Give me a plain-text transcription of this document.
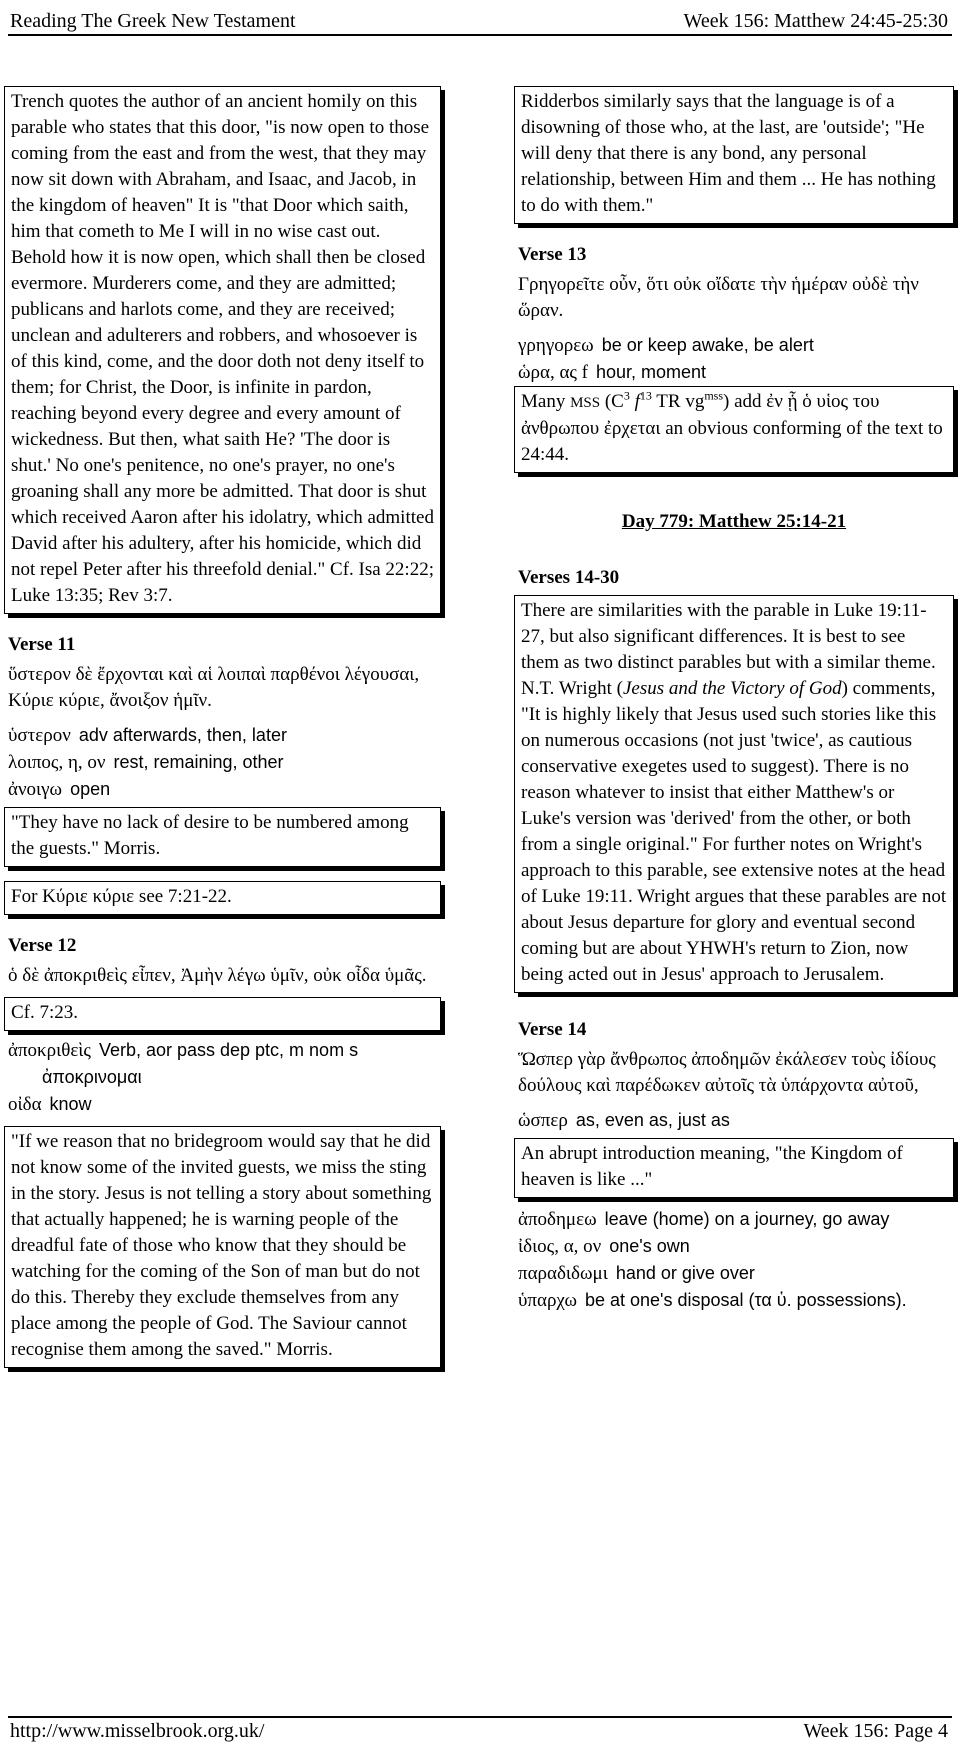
Reading The Greek New Testament	Week 156: Matthew 24:45-25:30
Trench quotes the author of an ancient homily on this parable who states that this door, "is now open to those coming from the east and from the west, that they may now sit down with Abraham, and Isaac, and Jacob, in the kingdom of heaven" It is "that Door which saith, him that cometh to Me I will in no wise cast out. Behold how it is now open, which shall then be closed evermore. Murderers come, and they are admitted; publicans and harlots come, and they are received; unclean and adulterers and robbers, and whosoever is of this kind, come, and the door doth not deny itself to them; for Christ, the Door, is infinite in pardon, reaching beyond every degree and every amount of wickedness. But then, what saith He? 'The door is shut.' No one's penitence, no one's prayer, no one's groaning shall any more be admitted. That door is shut which received Aaron after his idolatry, which admitted David after his adultery, after his homicide, which did not repel Peter after his threefold denial." Cf. Isa 22:22; Luke 13:35; Rev 3:7.
Verse 11
ὕστερον δὲ ἔρχονται καὶ αἱ λοιπαὶ παρθένοι λέγουσαι, Κύριε κύριε, ἄνοιξον ἡμῖν.
ὑστερον adv afterwards, then, later
λοιπος, η, ον rest, remaining, other
ἀνοιγω open
"They have no lack of desire to be numbered among the guests." Morris.
For Κύριε κύριε see 7:21-22.
Verse 12
ὁ δὲ ἀποκριθεὶς εἶπεν, Ἀμὴν λέγω ὑμῖν, οὐκ οἶδα ὑμᾶς.
Cf. 7:23.
ἀποκριθεὶς Verb, aor pass dep ptc, m nom s ἀποκρινομαι
οἰδα know
"If we reason that no bridegroom would say that he did not know some of the invited guests, we miss the sting in the story. Jesus is not telling a story about something that actually happened; he is warning people of the dreadful fate of those who know that they should be watching for the coming of the Son of man but do not do this. Thereby they exclude themselves from any place among the people of God. The Saviour cannot recognise them among the saved." Morris.
Ridderbos similarly says that the language is of a disowning of those who, at the last, are 'outside'; "He will deny that there is any bond, any personal relationship, between Him and them ... He has nothing to do with them."
Verse 13
Γρηγορεῖτε οὖν, ὅτι οὐκ οἴδατε τὴν ἡμέραν οὐδὲ τὴν ὥραν.
γρηγορεω be or keep awake, be alert
ὡρα, ας f hour, moment
Many MSS ($C^3$ $f^{13}$ TR $vg^{mss}$) add ἐν ᾗ ὁ υἱος του ἀνθρωπου ἐρχεται an obvious conforming of the text to 24:44.
Day 779: Matthew 25:14-21
Verses 14-30
There are similarities with the parable in Luke 19:11-27, but also significant differences. It is best to see them as two distinct parables but with a similar theme. N.T. Wright (Jesus and the Victory of God) comments, "It is highly likely that Jesus used such stories like this on numerous occasions (not just 'twice', as cautious conservative exegetes used to suggest). There is no reason whatever to insist that either Matthew's or Luke's version was 'derived' from the other, or both from a single original." For further notes on Wright's approach to this parable, see extensive notes at the head of Luke 19:11. Wright argues that these parables are not about Jesus departure for glory and eventual second coming but are about YHWH's return to Zion, now being acted out in Jesus' approach to Jerusalem.
Verse 14
Ὥσπερ γὰρ ἄνθρωπος ἀποδημῶν ἐκάλεσεν τοὺς ἰδίους δούλους καὶ παρέδωκεν αὐτοῖς τὰ ὑπάρχοντα αὐτοῦ,
ὡσπερ as, even as, just as
An abrupt introduction meaning, "the Kingdom of heaven is like ..."
ἀποδημεω leave (home) on a journey, go away
ἰδιος, α, ον one's own
παραδιδωμι hand or give over
ὑπαρχω be at one's disposal (τα ὑ. possessions).
http://www.misselbrook.org.uk/	Week 156: Page 4
